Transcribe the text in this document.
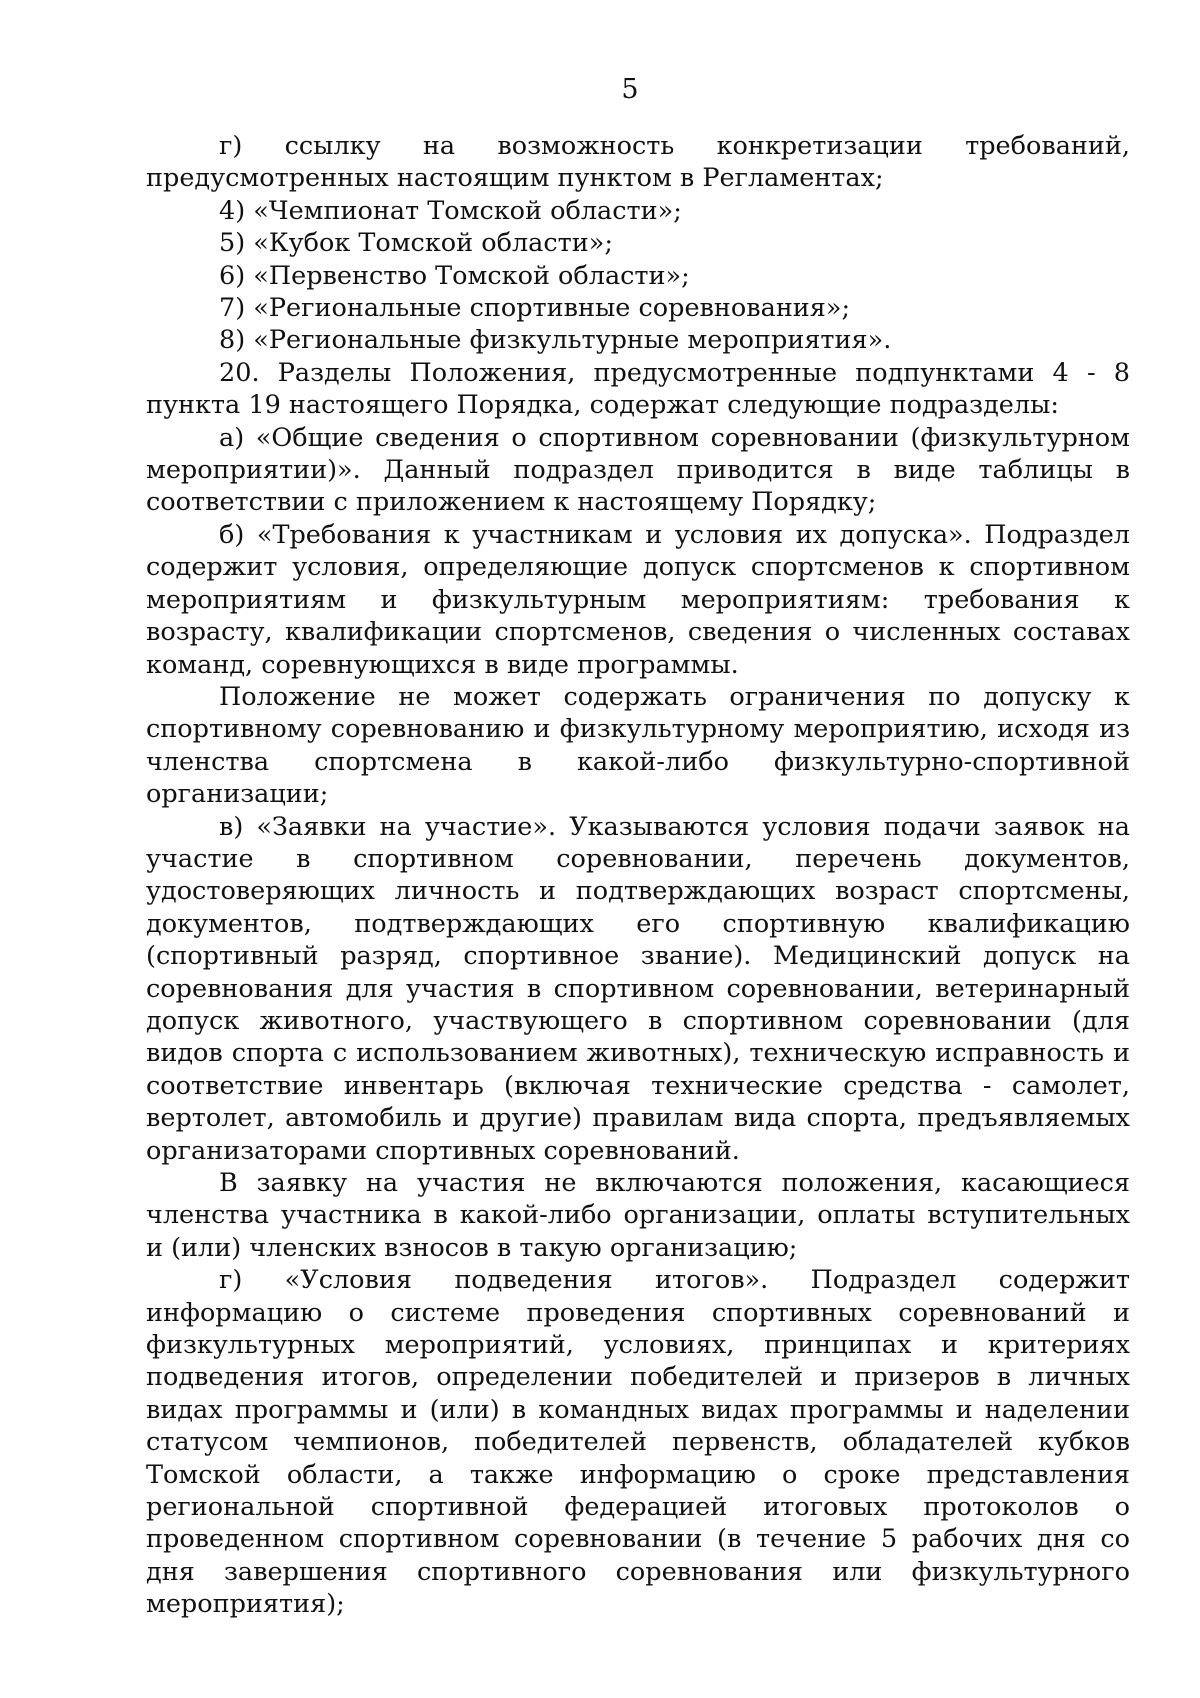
5

г) ссылку на возможность конкретизации требований, предусмотренных настоящим пунктом в Регламентах;

4) «Чемпионат Томской области»;

5) «Кубок Томской области»;

6) «Первенство Томской области»;

7) «Региональные спортивные соревнования»;

8) «Региональные физкультурные мероприятия».

20. Разделы Положения, предусмотренные подпунктами 4 - 8 пункта 19 настоящего Порядка, содержат следующие подразделы:

а) «Общие сведения о спортивном соревновании (физкультурном мероприятии)». Данный подраздел приводится в виде таблицы в соответствии с приложением к настоящему Порядку;

б) «Требования к участникам и условия их допуска». Подраздел содержит условия, определяющие допуск спортсменов к спортивном мероприятиям и физкультурным мероприятиям: требования к возрасту, квалификации спортсменов, сведения о численных составах команд, соревнующихся в виде программы.

Положение не может содержать ограничения по допуску к спортивному соревнованию и физкультурному мероприятию, исходя из членства спортсмена в какой-либо физкультурно-спортивной организации;

в) «Заявки на участие». Указываются условия подачи заявок на участие в спортивном соревновании, перечень документов, удостоверяющих личность и подтверждающих возраст спортсмены, документов, подтверждающих его спортивную квалификацию (спортивный разряд, спортивное звание). Медицинский допуск на соревнования для участия в спортивном соревновании, ветеринарный допуск животного, участвующего в спортивном соревновании (для видов спорта с использованием животных), техническую исправность и соответствие инвентарь (включая технические средства - самолет, вертолет, автомобиль и другие) правилам вида спорта, предъявляемых организаторами спортивных соревнований.

В заявку на участия не включаются положения, касающиеся членства участника в какой-либо организации, оплаты вступительных и (или) членских взносов в такую организацию;

г) «Условия подведения итогов». Подраздел содержит информацию о системе проведения спортивных соревнований и физкультурных мероприятий, условиях, принципах и критериях подведения итогов, определении победителей и призеров в личных видах программы и (или) в командных видах программы и наделении статусом чемпионов, победителей первенств, обладателей кубков Томской области, а также информацию о сроке представления региональной спортивной федерацией итоговых протоколов о проведенном спортивном соревновании (в течение 5 рабочих дня со дня завершения спортивного соревнования или физкультурного мероприятия);
